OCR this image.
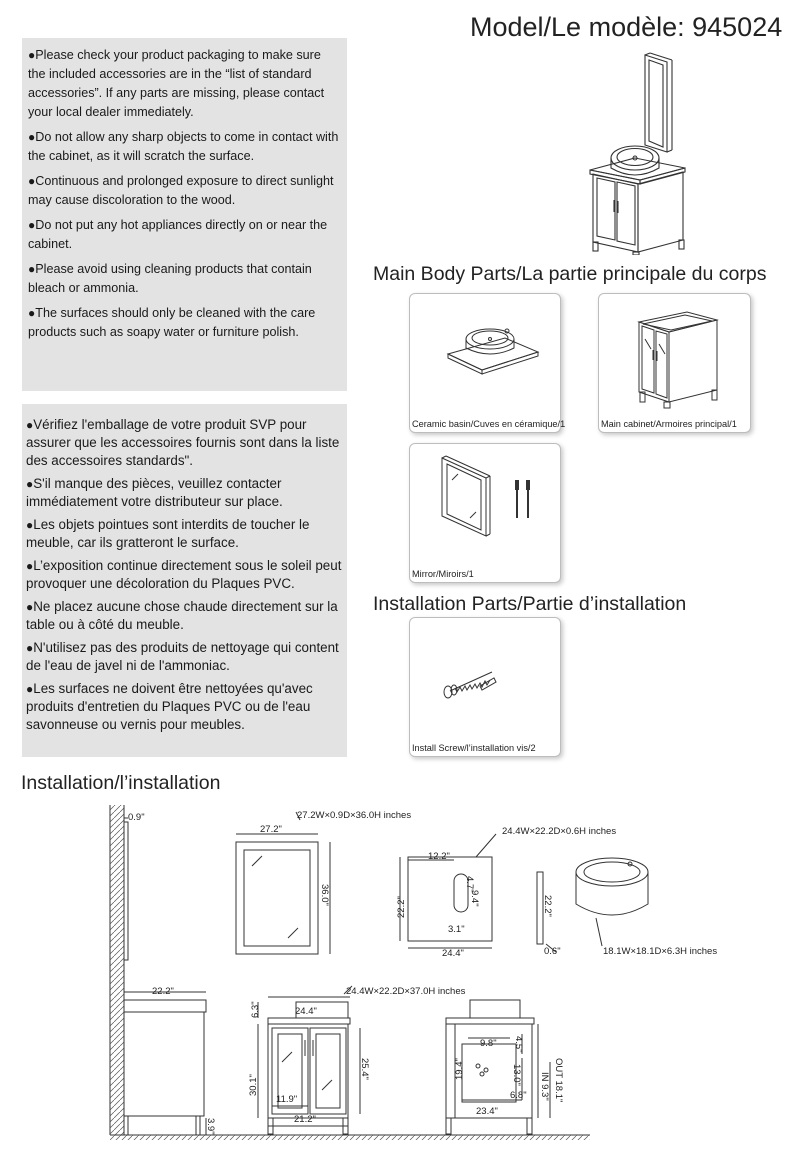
Model/Le modèle: 945024

●Please check your product packaging to make sure the included accessories are in the “list of standard accessories”. If any parts are missing, please contact your local dealer immediately.

●Do not allow any sharp objects to come in contact with the cabinet, as it will scratch the surface.

●Continuous and prolonged exposure to direct sunlight may cause discoloration to the wood.

●Do not put any hot appliances directly on or near the cabinet.

●Please avoid using cleaning products that contain bleach or ammonia.

●The surfaces should only be cleaned with the care products such as soapy water or furniture polish.

●Vérifiez l'emballage de votre produit SVP pour assurer que les accessoires fournis sont dans la liste des accessoires standards".

●S'il manque des pièces, veuillez contacter immédiatement votre distributeur sur place.

●Les objets pointues sont interdits de toucher le meuble, car ils gratteront le surface.

●L’exposition continue directement sous le soleil peut provoquer une décoloration du Plaques PVC.

●Ne placez aucune chose chaude directement sur la table ou à côté du meuble.

●N'utilisez pas des produits de nettoyage qui content de l'eau de javel ni de l'ammoniac.

●Les surfaces ne doivent être nettoyées qu'avec produits d'entretien du Plaques PVC ou de l'eau savonneuse ou vernis pour meubles.

Main Body Parts/La partie principale du corps
Ceramic basin/Cuves en céramique/1	Main cabinet/Armoires principal/1
Mirror/Miroirs/1
Installation Parts/Partie d’installation
Install Screw/l’installation vis/2
Installation/l’installation
27.2W×0.9D×36.0H inches
24.4W×22.2D×0.6H inches
18.1W×18.1D×6.3H inches
24.4W×22.2D×37.0H inches
0.9"
27.2"
36.0"
12.2"
22.2"
24.4"
4.7"
9.4"
3.1"
22.2"
0.6"
22.2"
3.9"
24.4"
6.3"
30.1"
25.4"
11.9"
21.2"
9.8"
19.4"
4.5"
13.0"
6.8"
23.4"
IN 9.3" OUT 18.1"
